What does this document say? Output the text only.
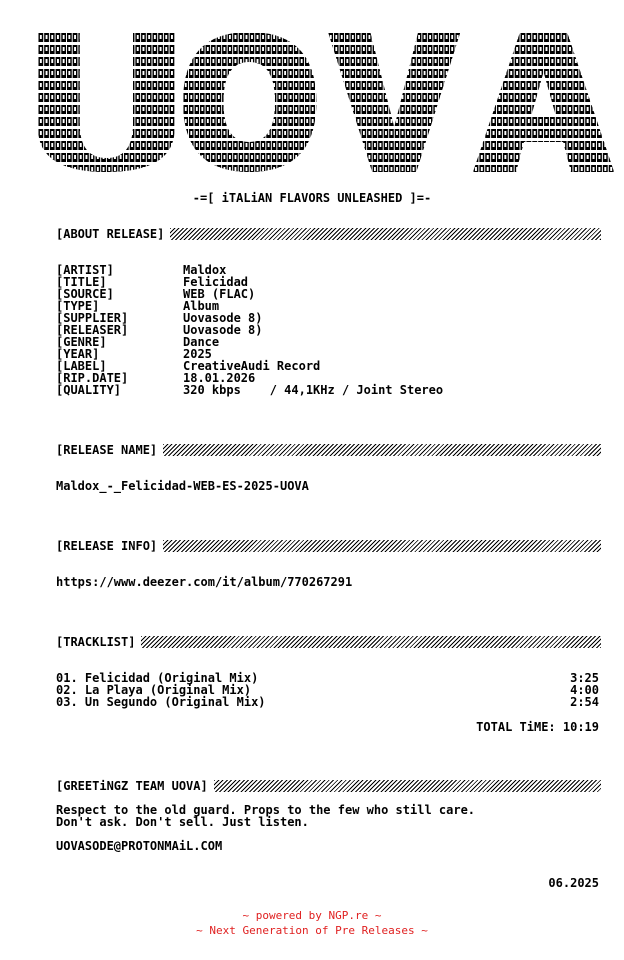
-=[ iTALiAN FLAVORS UNLEASHED ]=-
[ABOUT RELEASE]
[ARTIST]	Maldox
[TITLE]	Felicidad
[SOURCE]	WEB (FLAC)
[TYPE]	Album
[SUPPLIER]	Uovasode 8)
[RELEASER]	Uovasode 8)
[GENRE]	Dance
[YEAR]	2025
[LABEL]	CreativeAudi Record
[RIP.DATE]	18.01.2026
[QUALITY]	320 kbps    / 44,1KHz / Joint Stereo
[RELEASE NAME]
Maldox_-_Felicidad-WEB-ES-2025-UOVA
[RELEASE INFO]
https://www.deezer.com/it/album/770267291
[TRACKLIST]
01. Felicidad (Original Mix)	3:25
02. La Playa (Original Mix)	4:00
03. Un Segundo (Original Mix)	2:54
TOTAL TiME: 10:19
[GREETiNGZ TEAM UOVA]
Respect to the old guard. Props to the few who still care.
Don't ask. Don't sell. Just listen.
UOVASODE@PROTONMAiL.COM
06.2025
~ powered by NGP.re ~
~ Next Generation of Pre Releases ~
